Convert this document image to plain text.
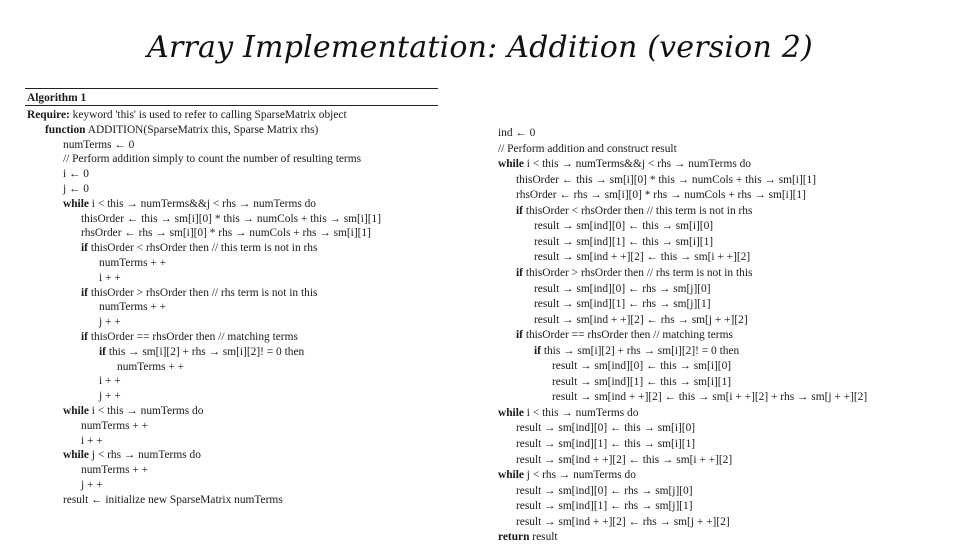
Array Implementation: Addition (version 2)
Algorithm 1
Require: keyword 'this' is used to refer to calling SparseMatrix object
function ADDITION(SparseMatrix this, Sparse Matrix rhs)
numTerms ← 0
// Perform addition simply to count the number of resulting terms
i ← 0
j ← 0
while i < this → numTerms&&j < rhs → numTerms do
thisOrder ← this → sm[i][0] * this → numCols + this → sm[i][1]
rhsOrder ← rhs → sm[i][0] * rhs → numCols + rhs → sm[i][1]
if thisOrder < rhsOrder then // this term is not in rhs
numTerms + +
i + +
if thisOrder > rhsOrder then // rhs term is not in this
numTerms + +
j + +
if thisOrder == rhsOrder then // matching terms
if this → sm[i][2] + rhs → sm[i][2]! = 0 then
numTerms + +
i + +
j + +
while i < this → numTerms do
numTerms + +
i + +
while j < rhs → numTerms do
numTerms + +
j + +
result ← initialize new SparseMatrix numTerms
ind ← 0
// Perform addition and construct result
while i < this → numTerms&&j < rhs → numTerms do
thisOrder ← this → sm[i][0] * this → numCols + this → sm[i][1]
rhsOrder ← rhs → sm[i][0] * rhs → numCols + rhs → sm[i][1]
if thisOrder < rhsOrder then // this term is not in rhs
result → sm[ind][0] ← this → sm[i][0]
result → sm[ind][1] ← this → sm[i][1]
result → sm[ind + +][2] ← this → sm[i + +][2]
if thisOrder > rhsOrder then // rhs term is not in this
result → sm[ind][0] ← rhs → sm[j][0]
result → sm[ind][1] ← rhs → sm[j][1]
result → sm[ind + +][2] ← rhs → sm[j + +][2]
if thisOrder == rhsOrder then // matching terms
if this → sm[i][2] + rhs → sm[i][2]! = 0 then
result → sm[ind][0] ← this → sm[i][0]
result → sm[ind][1] ← this → sm[i][1]
result → sm[ind + +][2] ← this → sm[i + +][2] + rhs → sm[j + +][2]
while i < this → numTerms do
result → sm[ind][0] ← this → sm[i][0]
result → sm[ind][1] ← this → sm[i][1]
result → sm[ind + +][2] ← this → sm[i + +][2]
while j < rhs → numTerms do
result → sm[ind][0] ← rhs → sm[j][0]
result → sm[ind][1] ← rhs → sm[j][1]
result → sm[ind + +][2] ← rhs → sm[j + +][2]
return result
